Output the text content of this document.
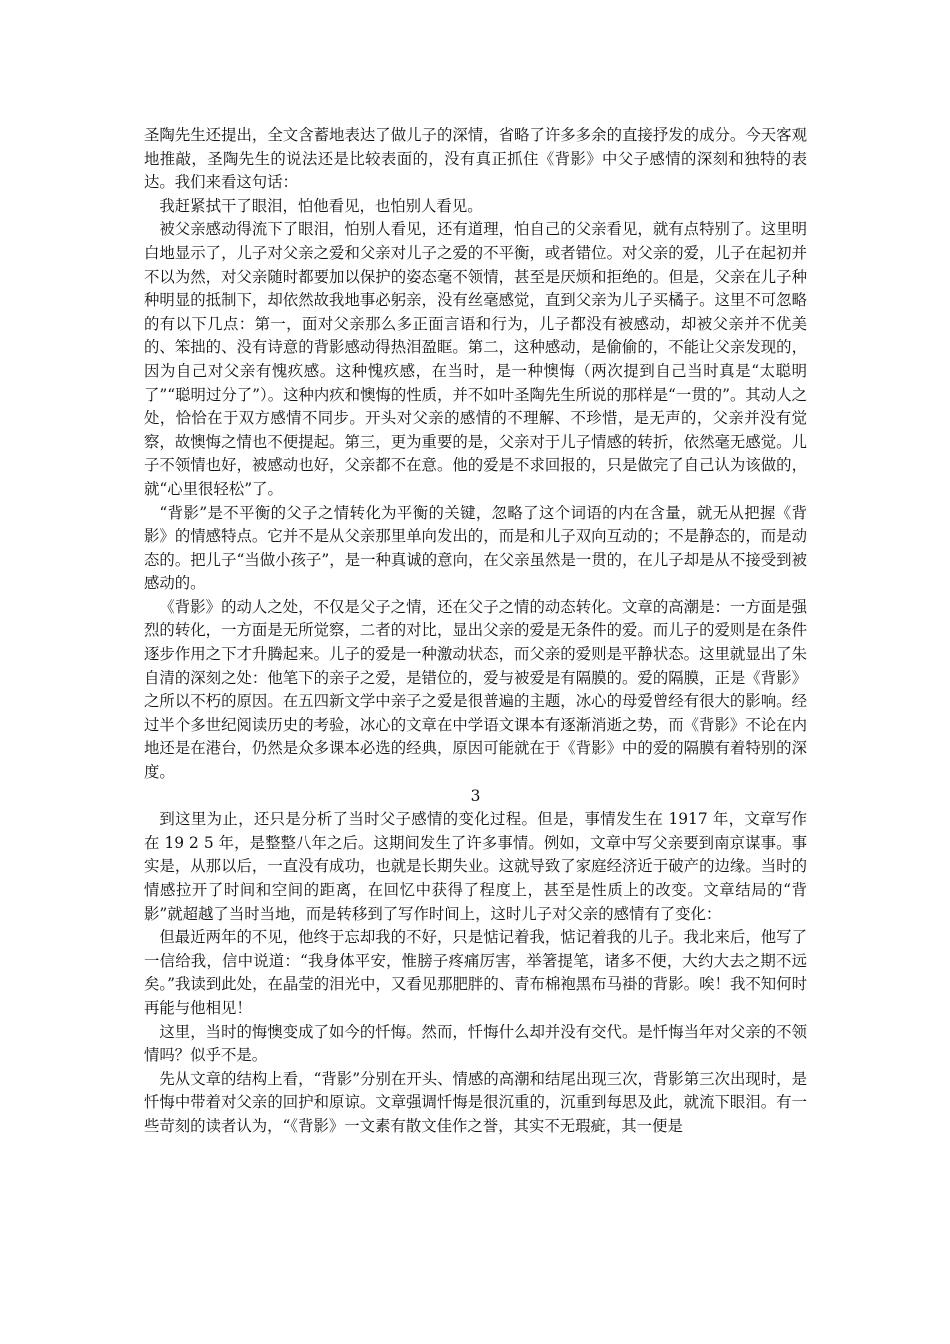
圣陶先生还提出，全文含蓄地表达了做儿子的深情，省略了许多多余的直接抒发的成分。今天客观地推敲，圣陶先生的说法还是比较表面的，没有真正抓住《背影》中父子感情的深刻和独特的表达。我们来看这句话：

我赶紧拭干了眼泪，怕他看见，也怕别人看见。

被父亲感动得流下了眼泪，怕别人看见，还有道理，怕自己的父亲看见，就有点特别了。这里明白地显示了，儿子对父亲之爱和父亲对儿子之爱的不平衡，或者错位。对父亲的爱，儿子在起初并不以为然，对父亲随时都要加以保护的姿态毫不领情，甚至是厌烦和拒绝的。但是，父亲在儿子种种明显的抵制下，却依然故我地事必躬亲，没有丝毫感觉，直到父亲为儿子买橘子。这里不可忽略的有以下几点：第一，面对父亲那么多正面言语和行为，儿子都没有被感动，却被父亲并不优美的、笨拙的、没有诗意的背影感动得热泪盈眶。第二，这种感动，是偷偷的，不能让父亲发现的，因为自己对父亲有愧疚感。这种愧疚感，在当时，是一种懊悔（两次提到自己当时真是“太聪明了”“聪明过分了”）。这种内疚和懊悔的性质，并不如叶圣陶先生所说的那样是“一贯的”。其动人之处，恰恰在于双方感情不同步。开头对父亲的感情的不理解、不珍惜，是无声的，父亲并没有觉察，故懊悔之情也不便提起。第三，更为重要的是，父亲对于儿子情感的转折，依然毫无感觉。儿子不领情也好，被感动也好，父亲都不在意。他的爱是不求回报的，只是做完了自己认为该做的，就“心里很轻松”了。

“背影”是不平衡的父子之情转化为平衡的关键，忽略了这个词语的内在含量，就无从把握《背影》的情感特点。它并不是从父亲那里单向发出的，而是和儿子双向互动的；不是静态的，而是动态的。把儿子“当做小孩子”，是一种真诚的意向，在父亲虽然是一贯的，在儿子却是从不接受到被感动的。

《背影》的动人之处，不仅是父子之情，还在父子之情的动态转化。文章的高潮是：一方面是强烈的转化，一方面是无所觉察，二者的对比，显出父亲的爱是无条件的爱。而儿子的爱则是在条件逐步作用之下才升腾起来。儿子的爱是一种激动状态，而父亲的爱则是平静状态。这里就显出了朱自清的深刻之处：他笔下的亲子之爱，是错位的，爱与被爱是有隔膜的。爱的隔膜，正是《背影》之所以不朽的原因。在五四新文学中亲子之爱是很普遍的主题，冰心的母爱曾经有很大的影响。经过半个多世纪阅读历史的考验，冰心的文章在中学语文课本有逐渐消逝之势，而《背影》不论在内地还是在港台，仍然是众多课本必选的经典，原因可能就在于《背影》中的爱的隔膜有着特别的深度。

3

到这里为止，还只是分析了当时父子感情的变化过程。但是，事情发生在 1917 年，文章写作在 19 2 5 年，是整整八年之后。这期间发生了许多事情。例如，文章中写父亲要到南京谋事。事实是，从那以后，一直没有成功，也就是长期失业。这就导致了家庭经济近于破产的边缘。当时的情感拉开了时间和空间的距离，在回忆中获得了程度上，甚至是性质上的改变。文章结局的“背影”就超越了当时当地，而是转移到了写作时间上，这时儿子对父亲的感情有了变化：

但最近两年的不见，他终于忘却我的不好，只是惦记着我，惦记着我的儿子。我北来后，他写了一信给我，信中说道：“我身体平安，惟膀子疼痛厉害，举箸提笔，诸多不便，大约大去之期不远矣。”我读到此处，在晶莹的泪光中，又看见那肥胖的、青布棉袍黑布马褂的背影。唉！我不知何时再能与他相见！

这里，当时的悔懊变成了如今的忏悔。然而，忏悔什么却并没有交代。是忏悔当年对父亲的不领情吗？似乎不是。

先从文章的结构上看，“背影”分别在开头、情感的高潮和结尾出现三次，背影第三次出现时，是忏悔中带着对父亲的回护和原谅。文章强调忏悔是很沉重的，沉重到每思及此，就流下眼泪。有一些苛刻的读者认为，“《背影》一文素有散文佳作之誉，其实不无瑕疵，其一便是
